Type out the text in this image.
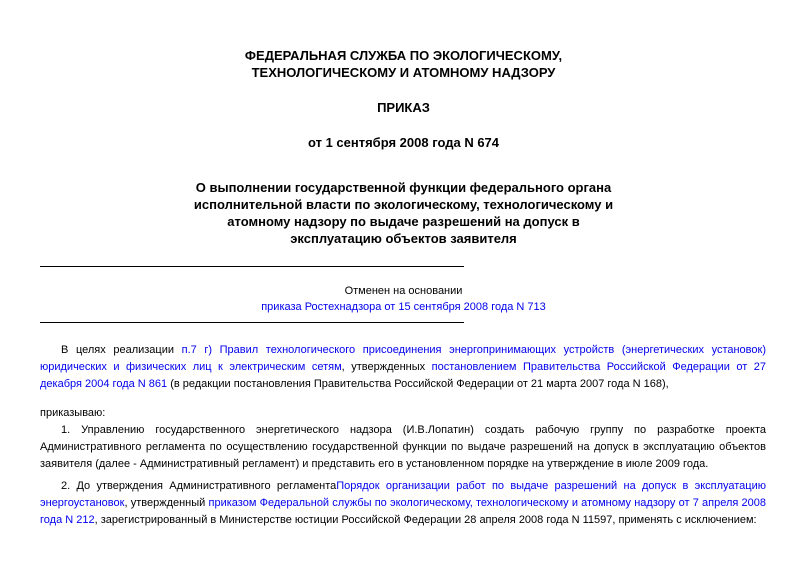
ФЕДЕРАЛЬНАЯ СЛУЖБА ПО ЭКОЛОГИЧЕСКОМУ,
ТЕХНОЛОГИЧЕСКОМУ И АТОМНОМУ НАДЗОРУ
ПРИКАЗ
от 1 сентября 2008 года N 674
О выполнении государственной функции федерального органа
исполнительной власти по экологическому, технологическому и
атомному надзору по выдаче разрешений на допуск в
эксплуатацию объектов заявителя
Отменен на основании
приказа Ростехнадзора от 15 сентября 2008 года N 713
В целях реализации п.7 г) Правил технологического присоединения энергопринимающих устройств (энергетических установок) юридических и физических лиц к электрическим сетям, утвержденных постановлением Правительства Российской Федерации от 27 декабря 2004 года N 861 (в редакции постановления Правительства Российской Федерации от 21 марта 2007 года N 168),
приказываю:
1. Управлению государственного энергетического надзора (И.В.Лопатин) создать рабочую группу по разработке проекта Административного регламента по осуществлению государственной функции по выдаче разрешений на допуск в эксплуатацию объектов заявителя (далее - Административный регламент) и представить его в установленном порядке на утверждение в июле 2009 года.
2. До утверждения Административного регламентаПорядок организации работ по выдаче разрешений на допуск в эксплуатацию энергоустановок, утвержденный приказом Федеральной службы по экологическому, технологическому и атомному надзору от 7 апреля 2008 года N 212, зарегистрированный в Министерстве юстиции Российской Федерации 28 апреля 2008 года N 11597, применять с исключением:
